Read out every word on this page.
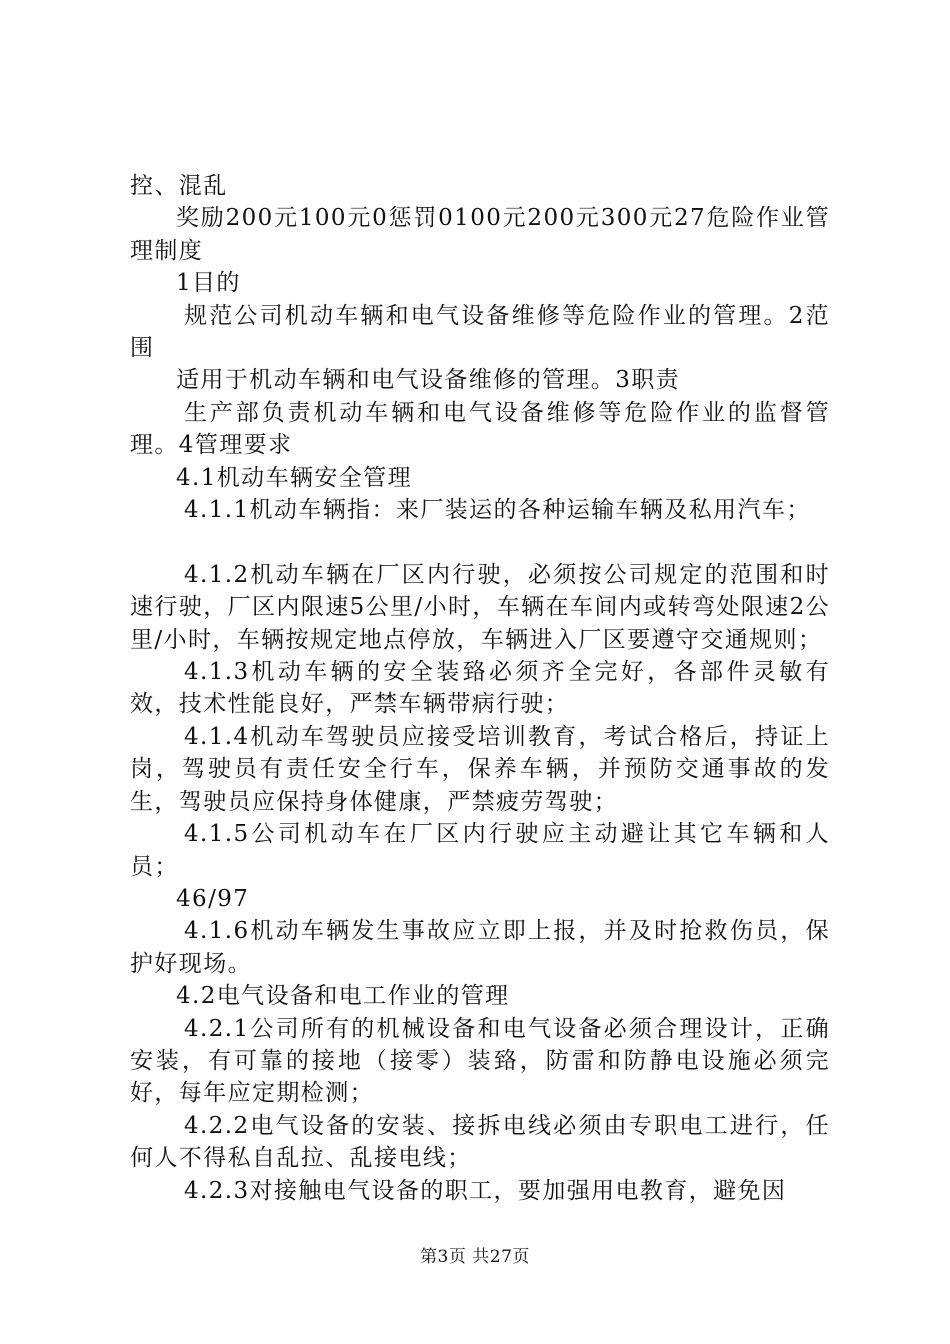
控、混乱

奖励200元100元0惩罚0100元200元300元27危险作业管理制度

1目的

规范公司机动车辆和电气设备维修等危险作业的管理。2范围

适用于机动车辆和电气设备维修的管理。3职责

生产部负责机动车辆和电气设备维修等危险作业的监督管理。4管理要求

4.1机动车辆安全管理

4.1.1机动车辆指：来厂装运的各种运输车辆及私用汽车；

4.1.2机动车辆在厂区内行驶，必须按公司规定的范围和时速行驶，厂区内限速5公里/小时，车辆在车间内或转弯处限速2公里/小时，车辆按规定地点停放，车辆进入厂区要遵守交通规则；

4.1.3机动车辆的安全装臵必须齐全完好，各部件灵敏有效，技术性能良好，严禁车辆带病行驶；

4.1.4机动车驾驶员应接受培训教育，考试合格后，持证上岗，驾驶员有责任安全行车，保养车辆，并预防交通事故的发生，驾驶员应保持身体健康，严禁疲劳驾驶；

4.1.5公司机动车在厂区内行驶应主动避让其它车辆和人员；

46/97

4.1.6机动车辆发生事故应立即上报，并及时抢救伤员，保护好现场。

4.2电气设备和电工作业的管理

4.2.1公司所有的机械设备和电气设备必须合理设计，正确安装，有可靠的接地（接零）装臵，防雷和防静电设施必须完好，每年应定期检测；

4.2.2电气设备的安装、接拆电线必须由专职电工进行，任何人不得私自乱拉、乱接电线；

4.2.3对接触电气设备的职工，要加强用电教育，避免因

第3页 共27页
